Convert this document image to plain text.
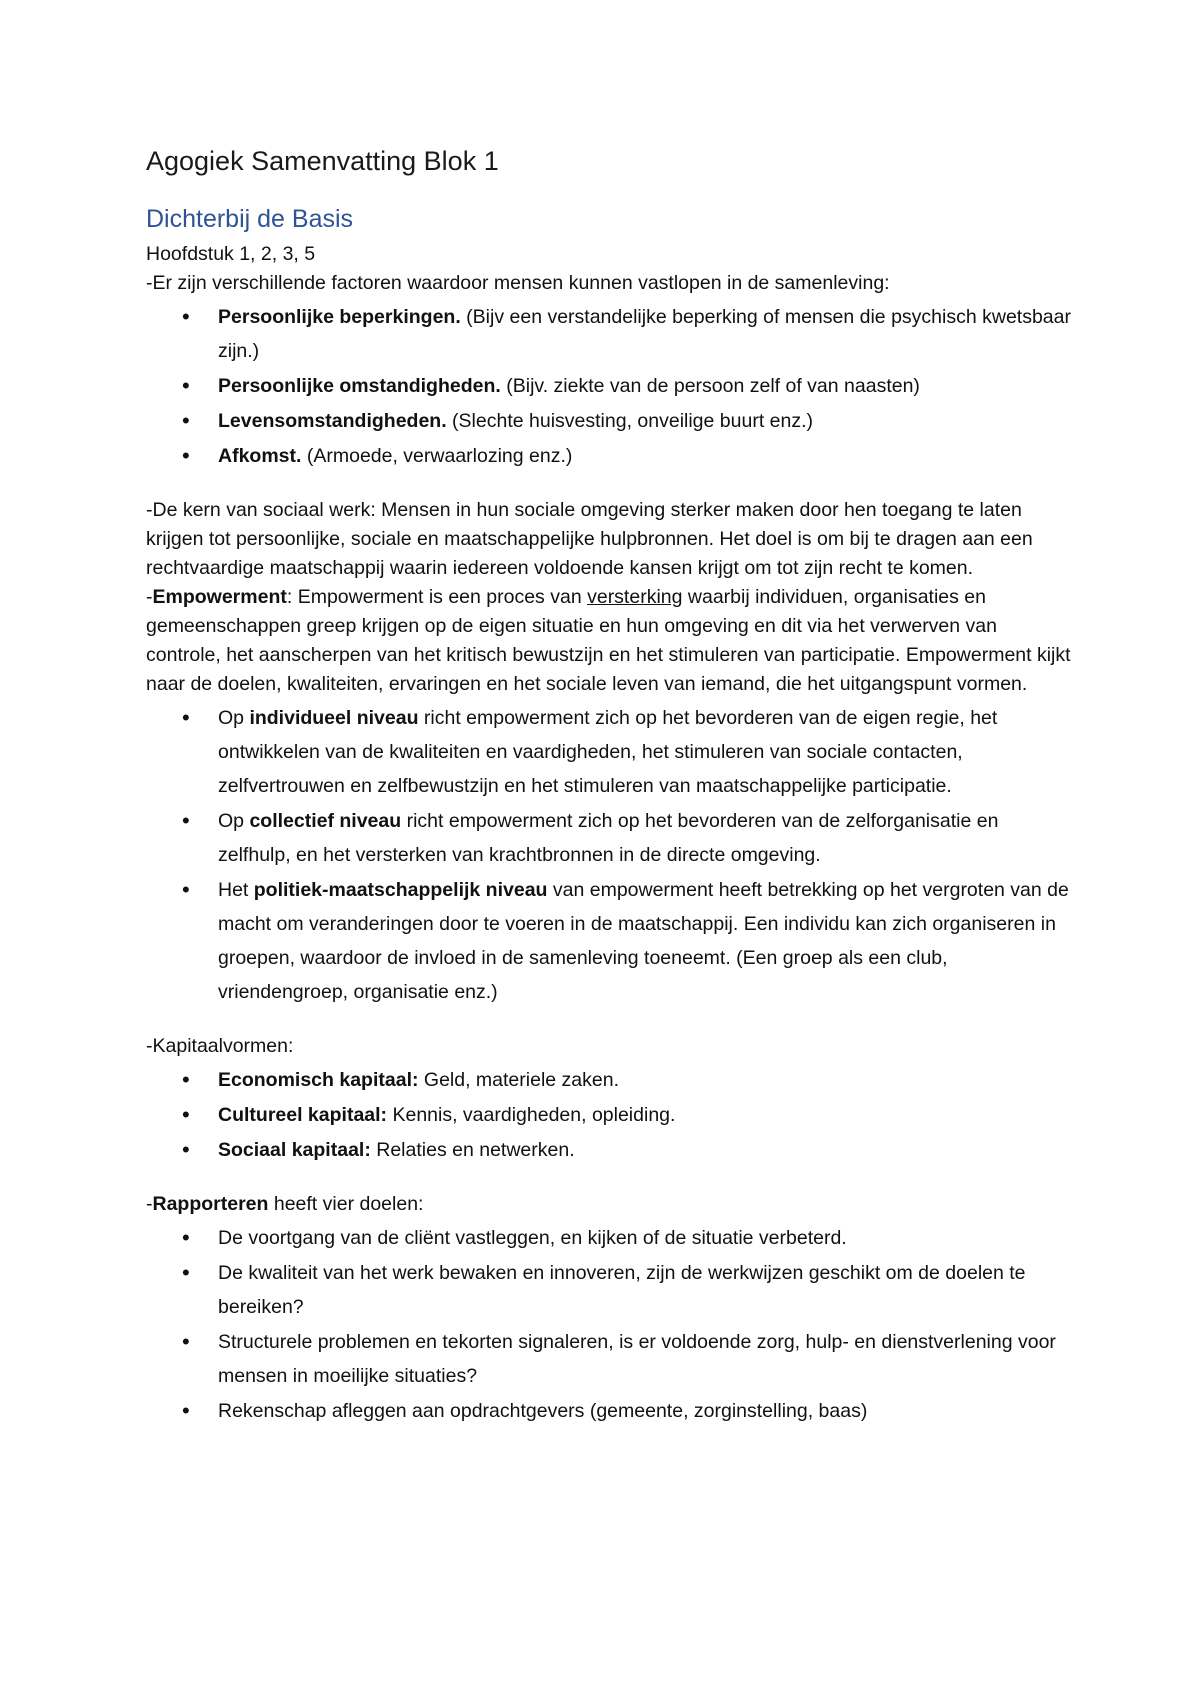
Agogiek Samenvatting Blok 1
Dichterbij de Basis

Hoofdstuk 1, 2, 3, 5

-Er zijn verschillende factoren waardoor mensen kunnen vastlopen in de samenleving:

• Persoonlijke beperkingen. (Bijv een verstandelijke beperking of mensen die psychisch kwetsbaar zijn.)
• Persoonlijke omstandigheden. (Bijv. ziekte van de persoon zelf of van naasten)
• Levensomstandigheden. (Slechte huisvesting, onveilige buurt enz.)
• Afkomst. (Armoede, verwaarlozing enz.)

-De kern van sociaal werk: Mensen in hun sociale omgeving sterker maken door hen toegang te laten krijgen tot persoonlijke, sociale en maatschappelijke hulpbronnen. Het doel is om bij te dragen aan een rechtvaardige maatschappij waarin iedereen voldoende kansen krijgt om tot zijn recht te komen.

-Empowerment: Empowerment is een proces van versterking waarbij individuen, organisaties en gemeenschappen greep krijgen op de eigen situatie en hun omgeving en dit via het verwerven van controle, het aanscherpen van het kritisch bewustzijn en het stimuleren van participatie. Empowerment kijkt naar de doelen, kwaliteiten, ervaringen en het sociale leven van iemand, die het uitgangspunt vormen.

• Op individueel niveau richt empowerment zich op het bevorderen van de eigen regie, het ontwikkelen van de kwaliteiten en vaardigheden, het stimuleren van sociale contacten, zelfvertrouwen en zelfbewustzijn en het stimuleren van maatschappelijke participatie.
• Op collectief niveau richt empowerment zich op het bevorderen van de zelforganisatie en zelfhulp, en het versterken van krachtbronnen in de directe omgeving.
• Het politiek-maatschappelijk niveau van empowerment heeft betrekking op het vergroten van de macht om veranderingen door te voeren in de maatschappij. Een individu kan zich organiseren in groepen, waardoor de invloed in de samenleving toeneemt. (Een groep als een club, vriendengroep, organisatie enz.)

-Kapitaalvormen:

• Economisch kapitaal: Geld, materiele zaken.
• Cultureel kapitaal: Kennis, vaardigheden, opleiding.
• Sociaal kapitaal: Relaties en netwerken.

-Rapporteren heeft vier doelen:

• De voortgang van de cliënt vastleggen, en kijken of de situatie verbeterd.
• De kwaliteit van het werk bewaken en innoveren, zijn de werkwijzen geschikt om de doelen te bereiken?
• Structurele problemen en tekorten signaleren, is er voldoende zorg, hulp- en dienstverlening voor mensen in moeilijke situaties?
• Rekenschap afleggen aan opdrachtgevers (gemeente, zorginstelling, baas)
